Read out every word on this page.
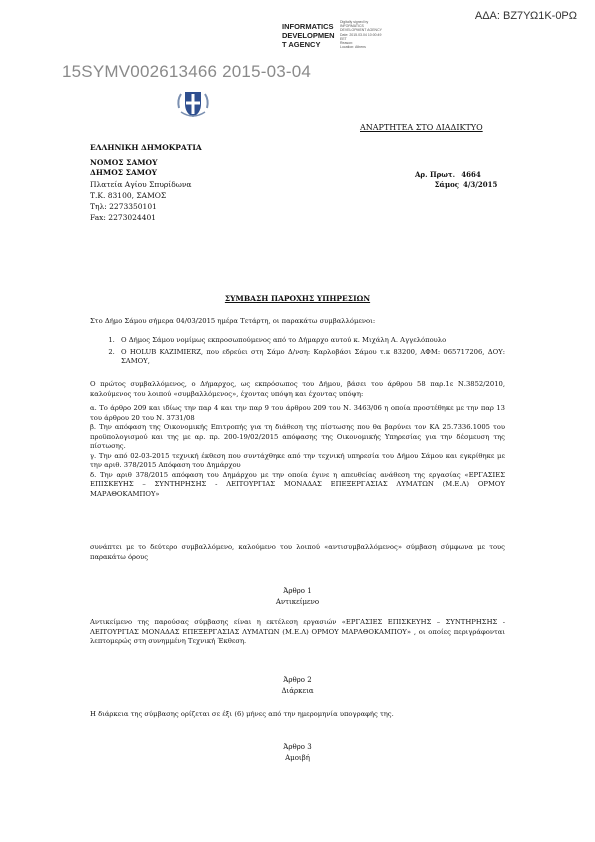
ΑΔΑ: ΒΖ7ΥΩ1Κ-0ΡΩ
INFORMATICS
DEVELOPMEN
T AGENCY
Digitally signed by
INFORMATICS
DEVELOPMENT AGENCY
Date: 2015.03.04 10:00:49
EET
Reason:
Location: Athens
15SYMV002613466 2015-03-04
ΑΝΑΡΤΗΤΕΑ ΣΤΟ ΔΙΑΔΙΚΤΥΟ
ΕΛΛΗΝΙΚΗ ΔΗΜΟΚΡΑΤΙΑ
ΝΟΜΟΣ ΣΑΜΟΥ
ΔΗΜΟΣ ΣΑΜΟΥ
Πλατεία Αγίου Σπυρίδωνα
Τ.Κ. 83100, ΣΑΜΟΣ
Τηλ: 2273350101
Fax: 2273024401
Αρ. Πρωτ. 4664
Σάμος 4/3/2015
ΣΥΜΒΑΣΗ ΠΑΡΟΧΗΣ ΥΠΗΡΕΣΙΩΝ
Στο Δήμο Σάμου σήμερα 04/03/2015 ημέρα Τετάρτη, οι παρακάτω συμβαλλόμενοι:
1. Ο Δήμος Σάμου νομίμως εκπροσωπούμενος από το Δήμαρχο αυτού κ. Μιχάλη Α. Αγγελόπουλο
2. Ο HOLUB KAZIMIERZ, που εδρεύει στη Σάμο Δ/νση: Καρλοβάσι Σάμου τ.κ 83200, ΑΦΜ: 065717206, ΔΟΥ: ΣΑΜΟΥ,
Ο πρώτος συμβαλλόμενος, ο Δήμαρχος, ως εκπρόσωπος του Δήμου, βάσει του άρθρου 58 παρ.1ε Ν.3852/2010, καλούμενος του λοιπού «συμβαλλόμενος», έχοντας υπόψη και έχοντας υπόψη:
α. Το άρθρο 209 και ιδίως την παρ 4 και την παρ 9 του άρθρου 209 του Ν. 3463/06 η οποία προστέθηκε με την παρ 13 του άρθρου 20 του Ν. 3731/08
β. Την απόφαση της Οικονομικής Επιτροπής για τη διάθεση της πίστωσης που θα βαρύνει τον ΚΑ 25.7336.1005 του προϋπολογισμού και της με αρ. πρ. 200-19/02/2015 απόφασης της Οικονομικής Υπηρεσίας για την δέσμευση της πίστωσης.
γ. Την από 02-03-2015 τεχνική έκθεση που συντάχθηκε από την τεχνική υπηρεσία του Δήμου Σάμου και εγκρίθηκε με την αριθ. 378/2015 Απόφαση του Δημάρχου
δ. Την αριθ 378/2015 απόφαση του Δημάρχου με την οποία έγινε η απευθείας ανάθεση της εργασίας «ΕΡΓΑΣΙΕΣ ΕΠΙΣΚΕΥΗΣ – ΣΥΝΤΗΡΗΣΗΣ - ΛΕΙΤΟΥΡΓΙΑΣ ΜΟΝΑΔΑΣ ΕΠΕΞΕΡΓΑΣΙΑΣ ΛΥΜΑΤΩΝ (Μ.Ε.Λ) ΟΡΜΟΥ ΜΑΡΑΘΟΚΑΜΠΟΥ»
συνάπτει με το δεύτερο συμβαλλόμενο, καλούμενο του λοιπού «αντισυμβαλλόμενος» σύμβαση σύμφωνα με τους παρακάτω όρους
Άρθρο 1
Αντικείμενο
Αντικείμενο της παρούσας σύμβασης είναι η εκτέλεση εργασιών «ΕΡΓΑΣΙΕΣ ΕΠΙΣΚΕΥΗΣ – ΣΥΝΤΗΡΗΣΗΣ - ΛΕΙΤΟΥΡΓΙΑΣ ΜΟΝΑΔΑΣ ΕΠΕΞΕΡΓΑΣΙΑΣ ΛΥΜΑΤΩΝ (Μ.Ε.Λ) ΟΡΜΟΥ ΜΑΡΑΘΟΚΑΜΠΟΥ» , οι οποίες περιγράφονται λεπτομερώς στη συνημμένη Τεχνική Έκθεση.
Άρθρο 2
Διάρκεια
Η διάρκεια της σύμβασης ορίζεται σε έξι (6) μήνες από την ημερομηνία υπογραφής της.
Άρθρο 3
Αμοιβή
